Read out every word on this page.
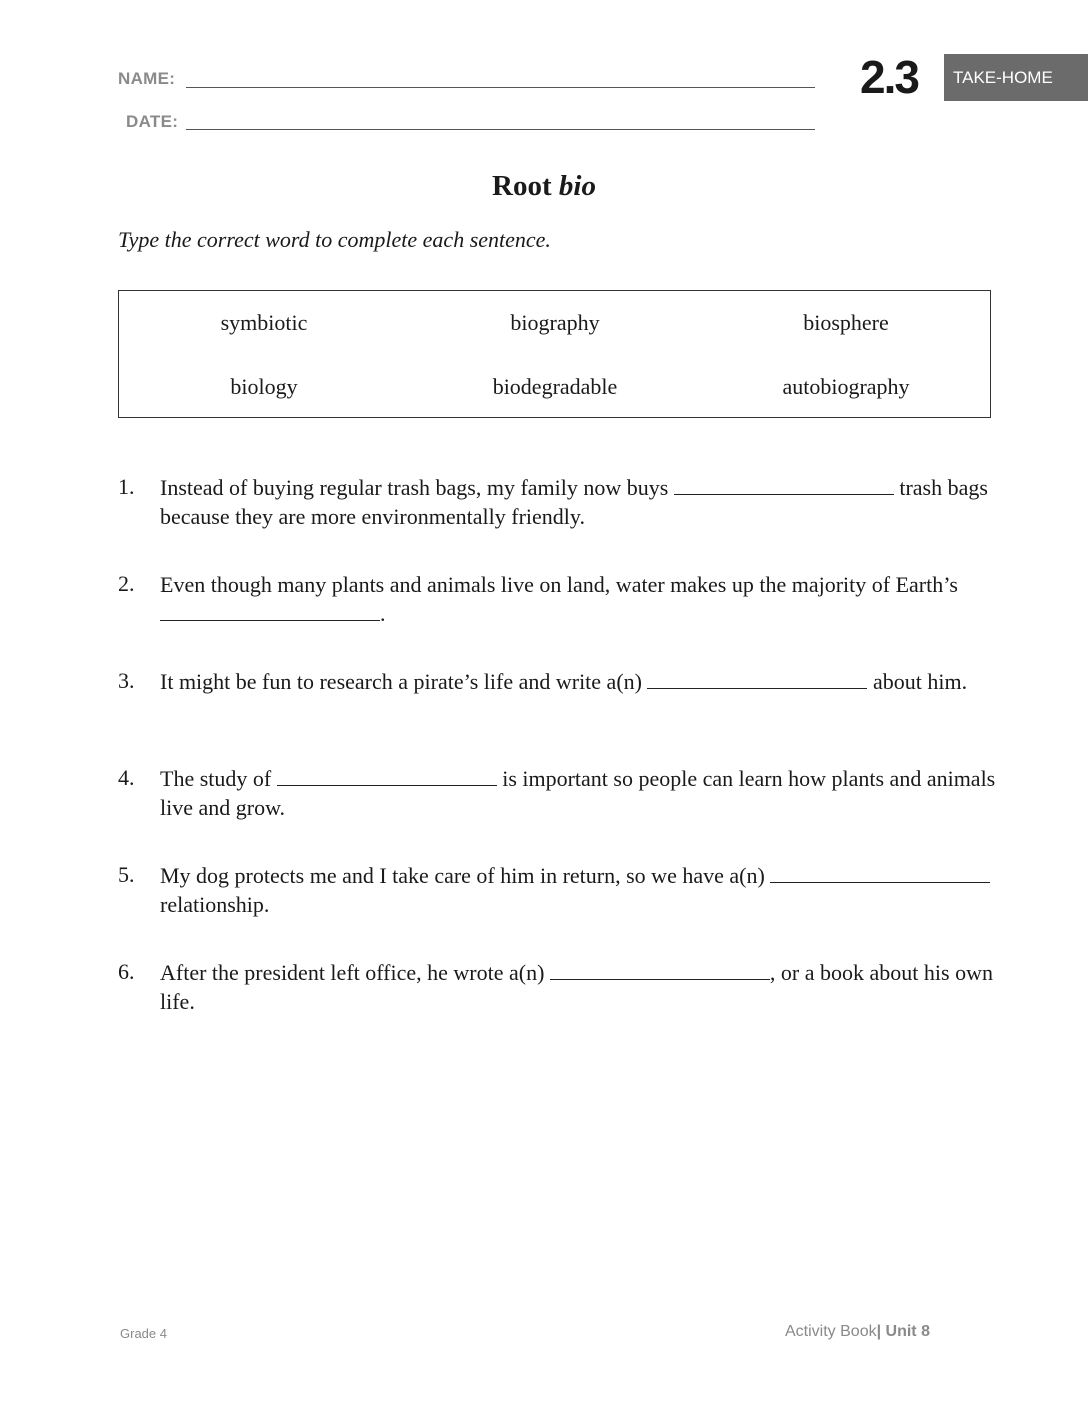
NAME:
DATE:
2.3	TAKE-HOME
Root bio
Type the correct word to complete each sentence.
symbiotic	biography	biosphere
biology	biodegradable	autobiography
1. Instead of buying regular trash bags, my family now buys	trash bags because they are more environmentally friendly.
2. Even though many plants and animals live on land, water makes up the majority of Earth’s .
3. It might be fun to research a pirate’s life and write a(n)	about him.
4. The study of	is important so people can learn how plants and animals live and grow.
5. My dog protects me and I take care of him in return, so we have a(n)  relationship.
6. After the president left office, he wrote a(n)	, or a book about his own life.
Grade 4	Activity Book| Unit 8
